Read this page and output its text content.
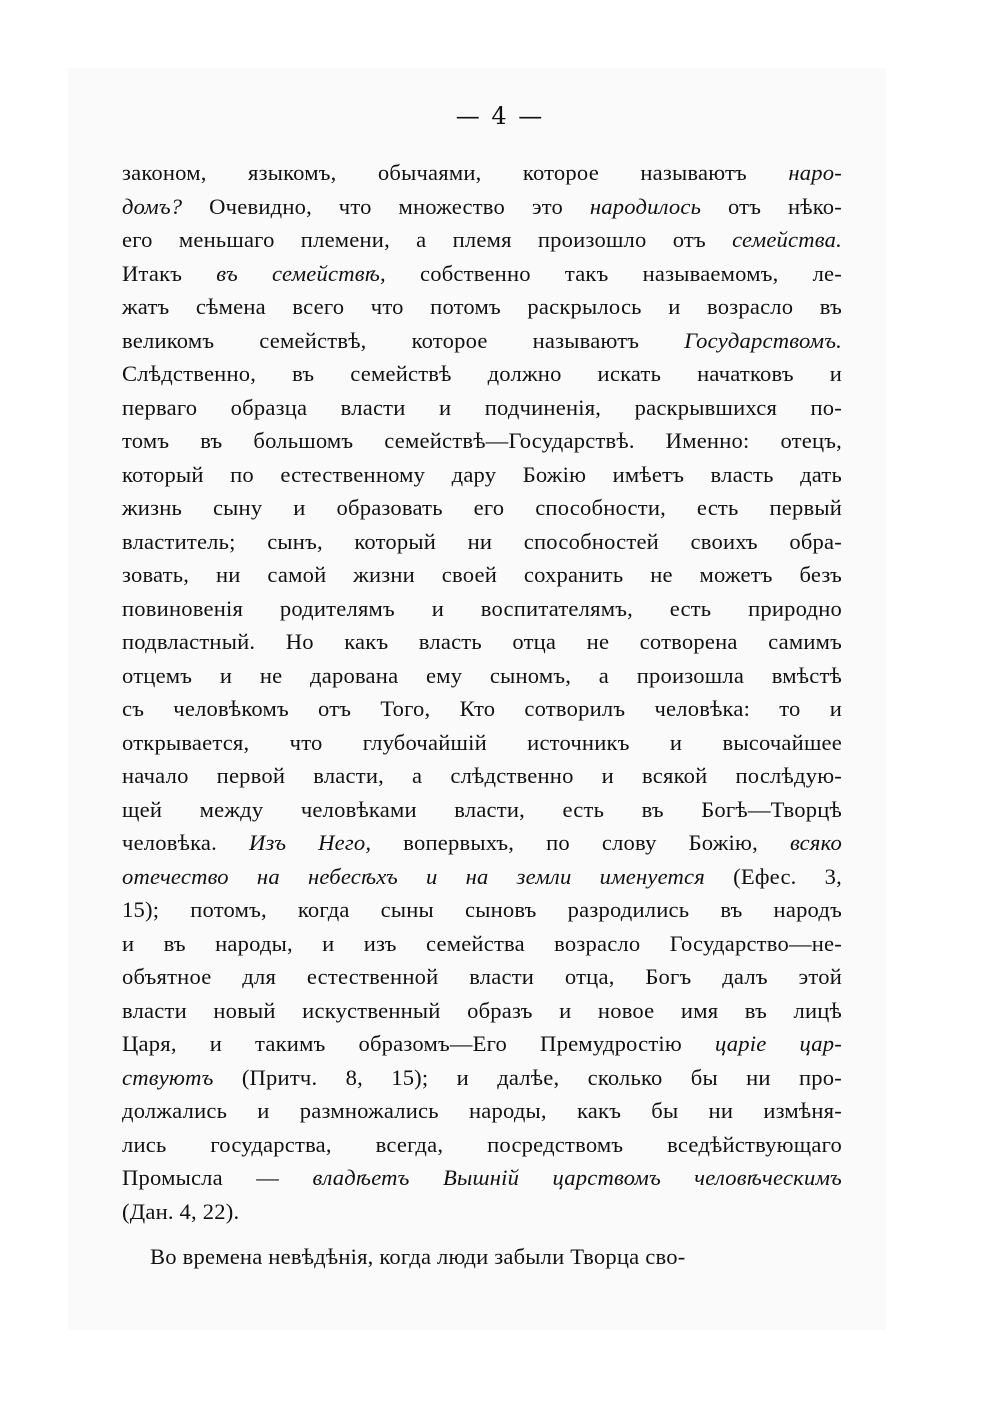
— 4 —
законом, языкомъ, обычаями, которое называютъ наро-
домъ? Очевидно, что множество это народилось отъ нѣко-
его меньшаго племени, а племя произошло отъ семейства.
Итакъ въ семействѣ, собственно такъ называемомъ, ле-
жатъ сѣмена всего что потомъ раскрылось и возрасло въ
великомъ семействѣ, которое называютъ Государствомъ.
Слѣдственно, въ семействѣ должно искать начатковъ и
перваго образца власти и подчиненія, раскрывшихся по-
томъ въ большомъ семействѣ—Государствѣ. Именно: отецъ,
который по естественному дару Божію имѣетъ власть дать
жизнь сыну и образовать его способности, есть первый
властитель; сынъ, который ни способностей своихъ обра-
зовать, ни самой жизни своей сохранить не можетъ безъ
повиновенія родителямъ и воспитателямъ, есть природно
подвластный. Но какъ власть отца не сотворена самимъ
отцемъ и не дарована ему сыномъ, а произошла вмѣстѣ
съ человѣкомъ отъ Того, Кто сотворилъ человѣка: то и
открывается, что глубочайшій источникъ и высочайшее
начало первой власти, а слѣдственно и всякой послѣдую-
щей между человѣками власти, есть въ Богѣ—Творцѣ
человѣка. Изъ Него, вопервыхъ, по слову Божію, всяко
отечество на небесѣхъ и на земли именуется (Ефес. 3,
15); потомъ, когда сыны сыновъ разродились въ народъ
и въ народы, и изъ семейства возрасло Государство—не-
объятное для естественной власти отца, Богъ далъ этой
власти новый искуственный образъ и новое имя въ лицѣ
Царя, и такимъ образомъ—Его Премудростію царіе цар-
ствуютъ (Притч. 8, 15); и далѣе, сколько бы ни про-
должались и размножались народы, какъ бы ни измѣня-
лись государства, всегда, посредствомъ вседѣйствующаго
Промысла — владѣетъ Вышній царствомъ человѣческимъ
(Дан. 4, 22).
Во времена невѣдѣнія, когда люди забыли Творца сво-
